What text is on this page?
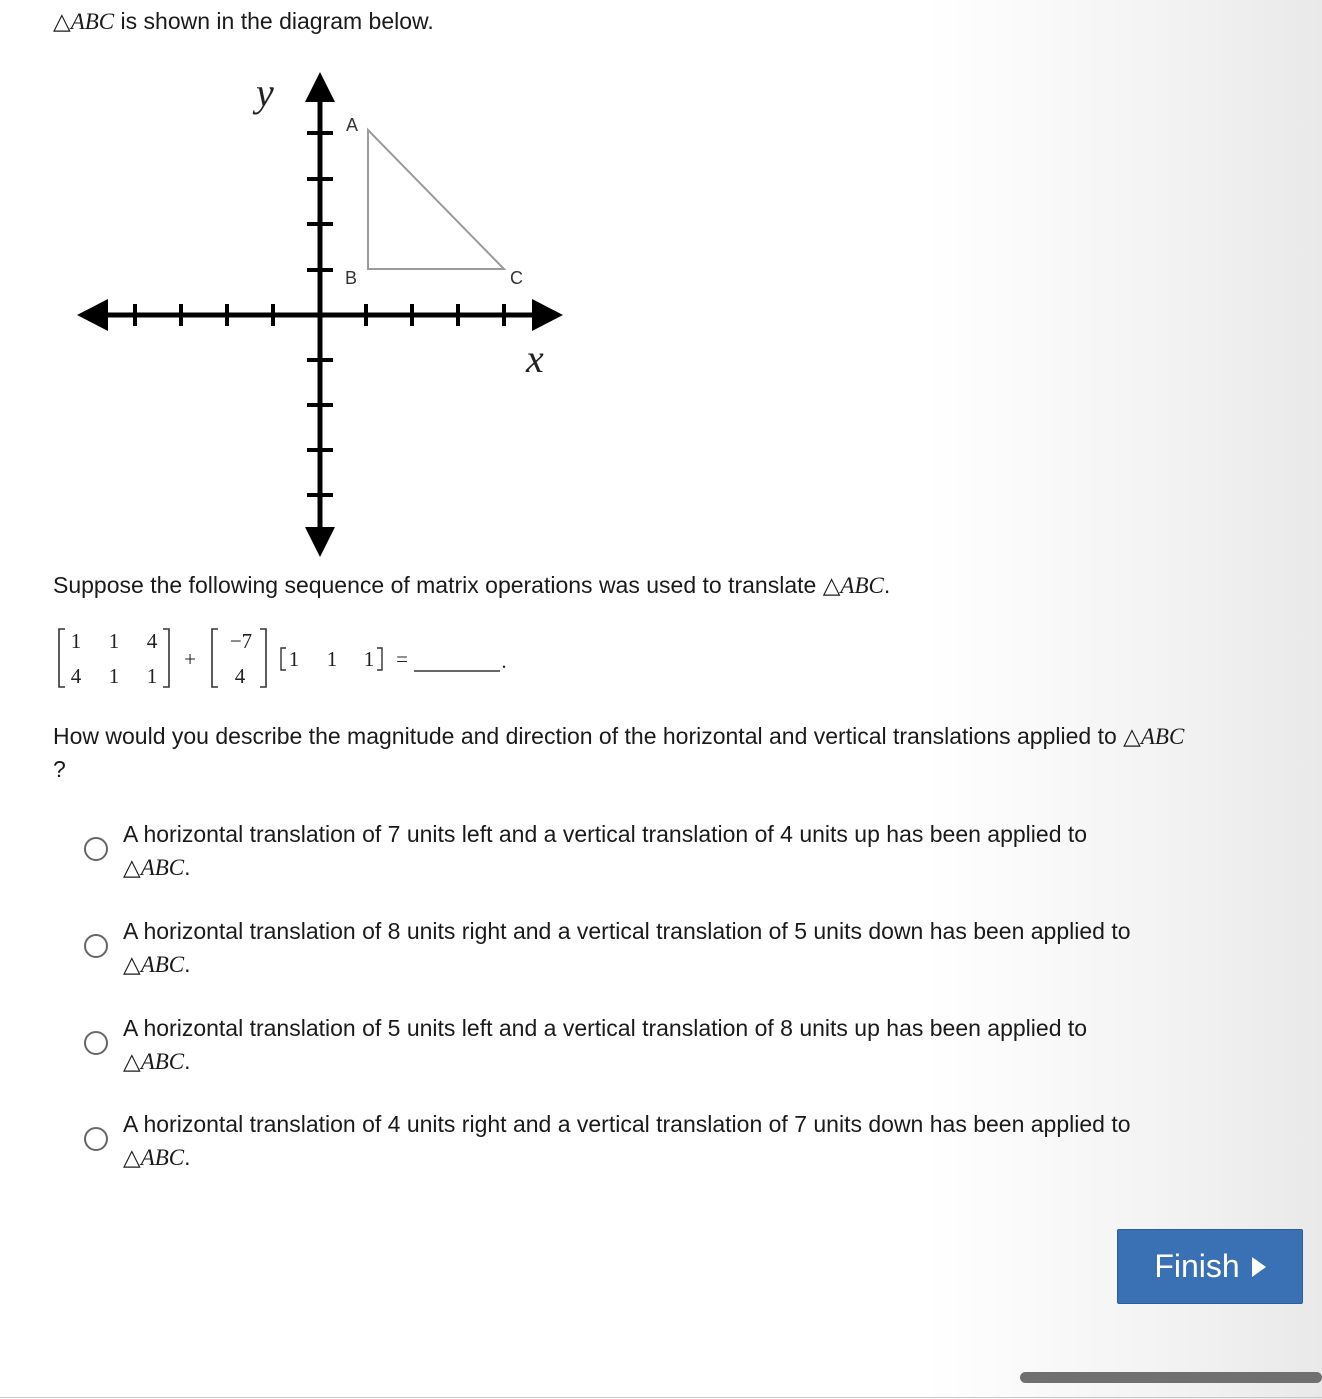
△ABC is shown in the diagram below.
y
x
A
B	C
Suppose the following sequence of matrix operations was used to translate △ABC.
1 1 4
4 1 1
+
−7
4
1 1 1 =	.
How would you describe the magnitude and direction of the horizontal and vertical translations applied to △ABC
?
A horizontal translation of 7 units left and a vertical translation of 4 units up has been applied to
△ABC.
A horizontal translation of 8 units right and a vertical translation of 5 units down has been applied to
△ABC.
A horizontal translation of 5 units left and a vertical translation of 8 units up has been applied to
△ABC.
A horizontal translation of 4 units right and a vertical translation of 7 units down has been applied to
△ABC.
Finish
